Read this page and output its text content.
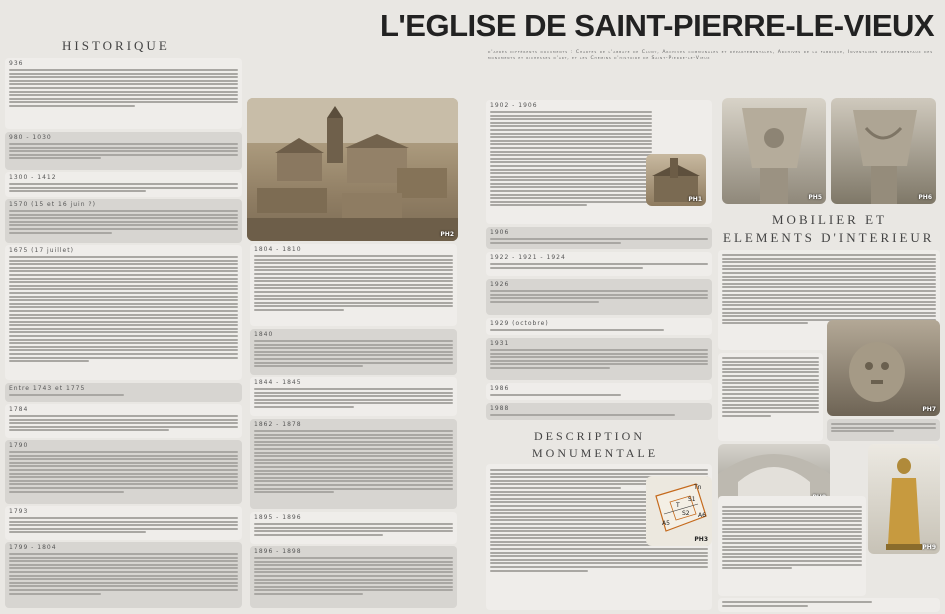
L'EGLISE DE SAINT-PIERRE-LE-VIEUX
d'après différents documents : Chartes de l'abbaye de Cluny, Archives communales et départementales, Archives de la fabrique, Inventaires départementaux des monuments et richesses d'art, et les Chemins d'histoire de Saint-Pierre-le-Vieux
HISTORIQUE
936
980 - 1030
1300 - 1412
1570 (15 et 16 juin ?)
1675 (17 juillet)
Entre 1743 et 1775
1784
1790
1793
1799 - 1804
PH2
1804 - 1810
1840
1844 - 1845
1862 - 1878
1895 - 1896
1896 - 1898
1902 - 1906
PH1
1906
1922 - 1921 - 1924
1926
1929 (octobre)
1931
1986
1988
DESCRIPTION
MONUMENTALE
Tn
S1
T
S2 A6
A5
PH3
PH5	PH6
MOBILIER ET
ELEMENTS D'INTERIEUR
PH7
PH9
